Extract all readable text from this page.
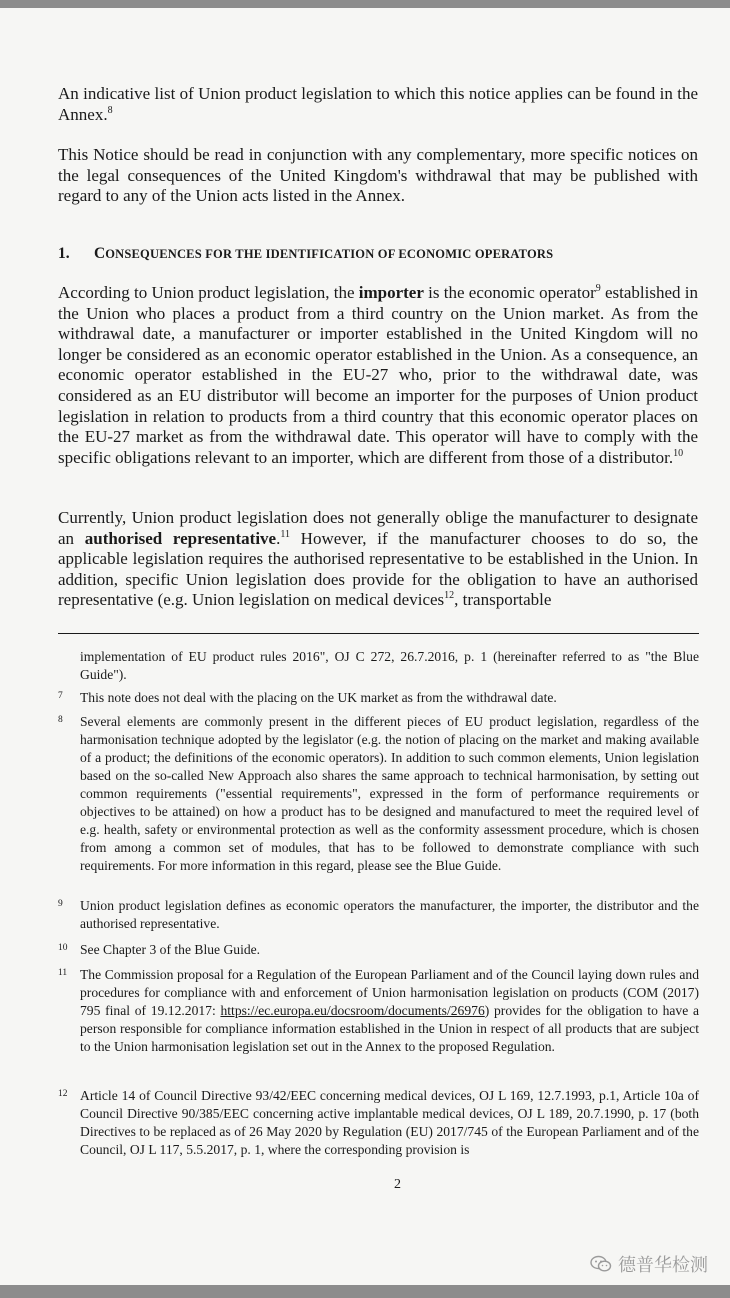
An indicative list of Union product legislation to which this notice applies can be found in the Annex.$^8$
This Notice should be read in conjunction with any complementary, more specific notices on the legal consequences of the United Kingdom's withdrawal that may be published with regard to any of the Union acts listed in the Annex.
1. CONSEQUENCES FOR THE IDENTIFICATION OF ECONOMIC OPERATORS
According to Union product legislation, the importer is the economic operator$^9$ established in the Union who places a product from a third country on the Union market. As from the withdrawal date, a manufacturer or importer established in the United Kingdom will no longer be considered as an economic operator established in the Union. As a consequence, an economic operator established in the EU-27 who, prior to the withdrawal date, was considered as an EU distributor will become an importer for the purposes of Union product legislation in relation to products from a third country that this economic operator places on the EU-27 market as from the withdrawal date. This operator will have to comply with the specific obligations relevant to an importer, which are different from those of a distributor.$^{10}$
Currently, Union product legislation does not generally oblige the manufacturer to designate an authorised representative.$^{11}$ However, if the manufacturer chooses to do so, the applicable legislation requires the authorised representative to be established in the Union. In addition, specific Union legislation does provide for the obligation to have an authorised representative (e.g. Union legislation on medical devices$^{12}$, transportable
implementation of EU product rules 2016", OJ C 272, 26.7.2016, p. 1 (hereinafter referred to as "the Blue Guide").
7 This note does not deal with the placing on the UK market as from the withdrawal date.
8 Several elements are commonly present in the different pieces of EU product legislation, regardless of the harmonisation technique adopted by the legislator (e.g. the notion of placing on the market and making available of a product; the definitions of the economic operators). In addition to such common elements, Union legislation based on the so-called New Approach also shares the same approach to technical harmonisation, by setting out common requirements ("essential requirements", expressed in the form of performance requirements or objectives to be attained) on how a product has to be designed and manufactured to meet the required level of e.g. health, safety or environmental protection as well as the conformity assessment procedure, which is chosen from among a common set of modules, that has to be followed to demonstrate compliance with such requirements. For more information in this regard, please see the Blue Guide.
9 Union product legislation defines as economic operators the manufacturer, the importer, the distributor and the authorised representative.
10 See Chapter 3 of the Blue Guide.
11 The Commission proposal for a Regulation of the European Parliament and of the Council laying down rules and procedures for compliance with and enforcement of Union harmonisation legislation on products (COM (2017) 795 final of 19.12.2017: https://ec.europa.eu/docsroom/documents/26976) provides for the obligation to have a person responsible for compliance information established in the Union in respect of all products that are subject to the Union harmonisation legislation set out in the Annex to the proposed Regulation.
12 Article 14 of Council Directive 93/42/EEC concerning medical devices, OJ L 169, 12.7.1993, p.1, Article 10a of Council Directive 90/385/EEC concerning active implantable medical devices, OJ L 189, 20.7.1990, p. 17 (both Directives to be replaced as of 26 May 2020 by Regulation (EU) 2017/745 of the European Parliament and of the Council, OJ L 117, 5.5.2017, p. 1, where the corresponding provision is
2
德普华检测
